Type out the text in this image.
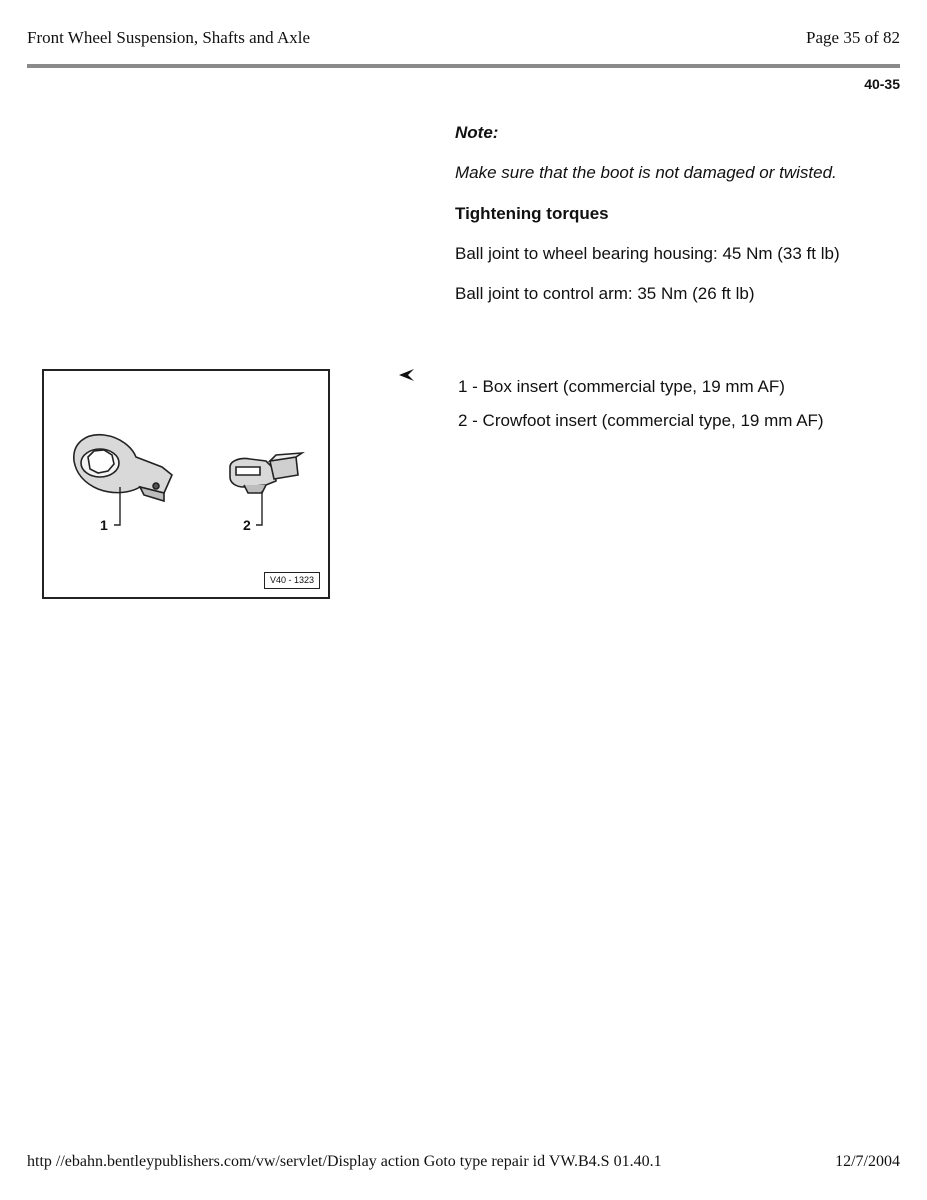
Front Wheel Suspension, Shafts and Axle	Page 35 of 82
40-35

Note:

Make sure that the boot is not damaged or twisted.

Tightening torques

Ball joint to wheel bearing housing: 45 Nm (33 ft lb)

Ball joint to control arm: 35 Nm (26 ft lb)

1	2
V40 - 1323
1 - Box insert (commercial type, 19 mm AF)
2 - Crowfoot insert (commercial type, 19 mm AF)
http //ebahn.bentleypublishers.com/vw/servlet/Display action Goto type repair id VW.B4.S 01.40.1	12/7/2004
